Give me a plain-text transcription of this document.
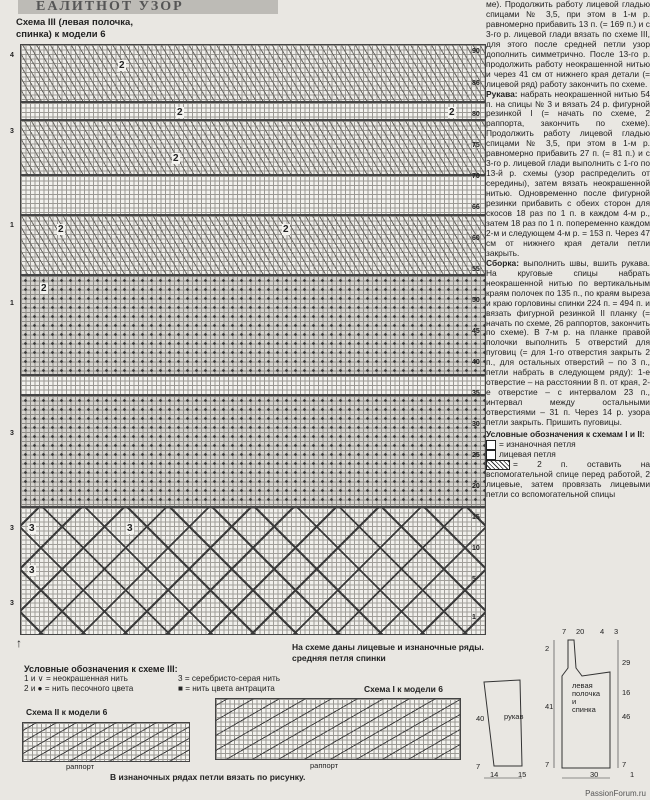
ЕАЛИТНОТ УЗОР
Схема III (левая полочка,
спинка) к модели 6
2
2	2
2
2	2
2
3	3
3
4
3
1
1
3
3
3
90
86
80
75
70
66
60
55
50
45
40
35
30
25
20
15
10
5
1
↑	На схеме даны лицевые и изнаночные ряды.
средняя петля спинки
Условные обозначения к схеме III:
1 и ∨ = неокрашенная нить
2 и ● = нить песочного цвета
3 = серебристо-серая нить
■ = нить цвета антрацита
Схема II к модели 6
раппорт
Схема I к модели 6
раппорт
В изнаночных рядах петли вязать по рисунку.

ме). Продолжить работу лицевой гладью спицами № 3,5, при этом в 1-м р. равномерно прибавить 13 п. (= 169 п.) и с 3-го р. лицевой глади вязать по схеме III, для этого после средней петли узор дополнить симметрично. После 13-го р. продолжить работу неокрашенной нитью и через 41 см от нижнего края детали (= лицевой ряд) работу закончить по схеме.

Рукава: набрать неокрашенной нитью 54 п. на спицы № 3 и вязать 24 р. фигурной резинкой I (= начать по схеме, 2 раппорта, закончить по схеме). Продолжить работу лицевой гладью спицами № 3,5, при этом в 1-м р. равномерно прибавить 27 п. (= 81 п.) и с 3-го р. лицевой глади выполнить с 1-го по 13-й р. схемы (узор распределить от середины), затем вязать неокрашенной нитью. Одновременно после фигурной резинки прибавить с обеих сторон для скосов 18 раз по 1 п. в каждом 4-м р., затем 18 раз по 1 п. попеременно каждом 2-м и следующем 4-м р. = 153 п. Через 47 см от нижнего края детали петли закрыть.

Сборка: выполнить швы, вшить рукава. На круговые спицы набрать неокрашенной нитью по вертикальным краям полочек по 135 п., по краям выреза и краю горловины спинки 224 п. = 494 п. и вязать фигурной резинкой II планку (= начать по схеме, 26 раппортов, закончить по схеме). В 7-м р. на планке правой полочки выполнить 5 отверстий для пуговиц (= для 1-го отверстия закрыть 2 п., для остальных отверстий – по 3 п., петли набрать в следующем ряду): 1-е отверстие – на расстоянии 8 п. от края, 2-е отверстие – с интервалом 23 п., интервал между остальными отверстиями – 31 п. Через 14 р. узора петли закрыть. Пришить пуговицы.

Условные обозначения к схемам I и II:

= изнаночная петля

лицевая петля

= 2 п. оставить на вспомогательной спице перед работой, 2 лицевые, затем провязать лицевыми петли со вспомогательной спицы

20
7	4 3
2
41
7
29
16
46
7
40
7
14	15
рукав
левая
полочка
и
спинка
30	1
PassionForum.ru
